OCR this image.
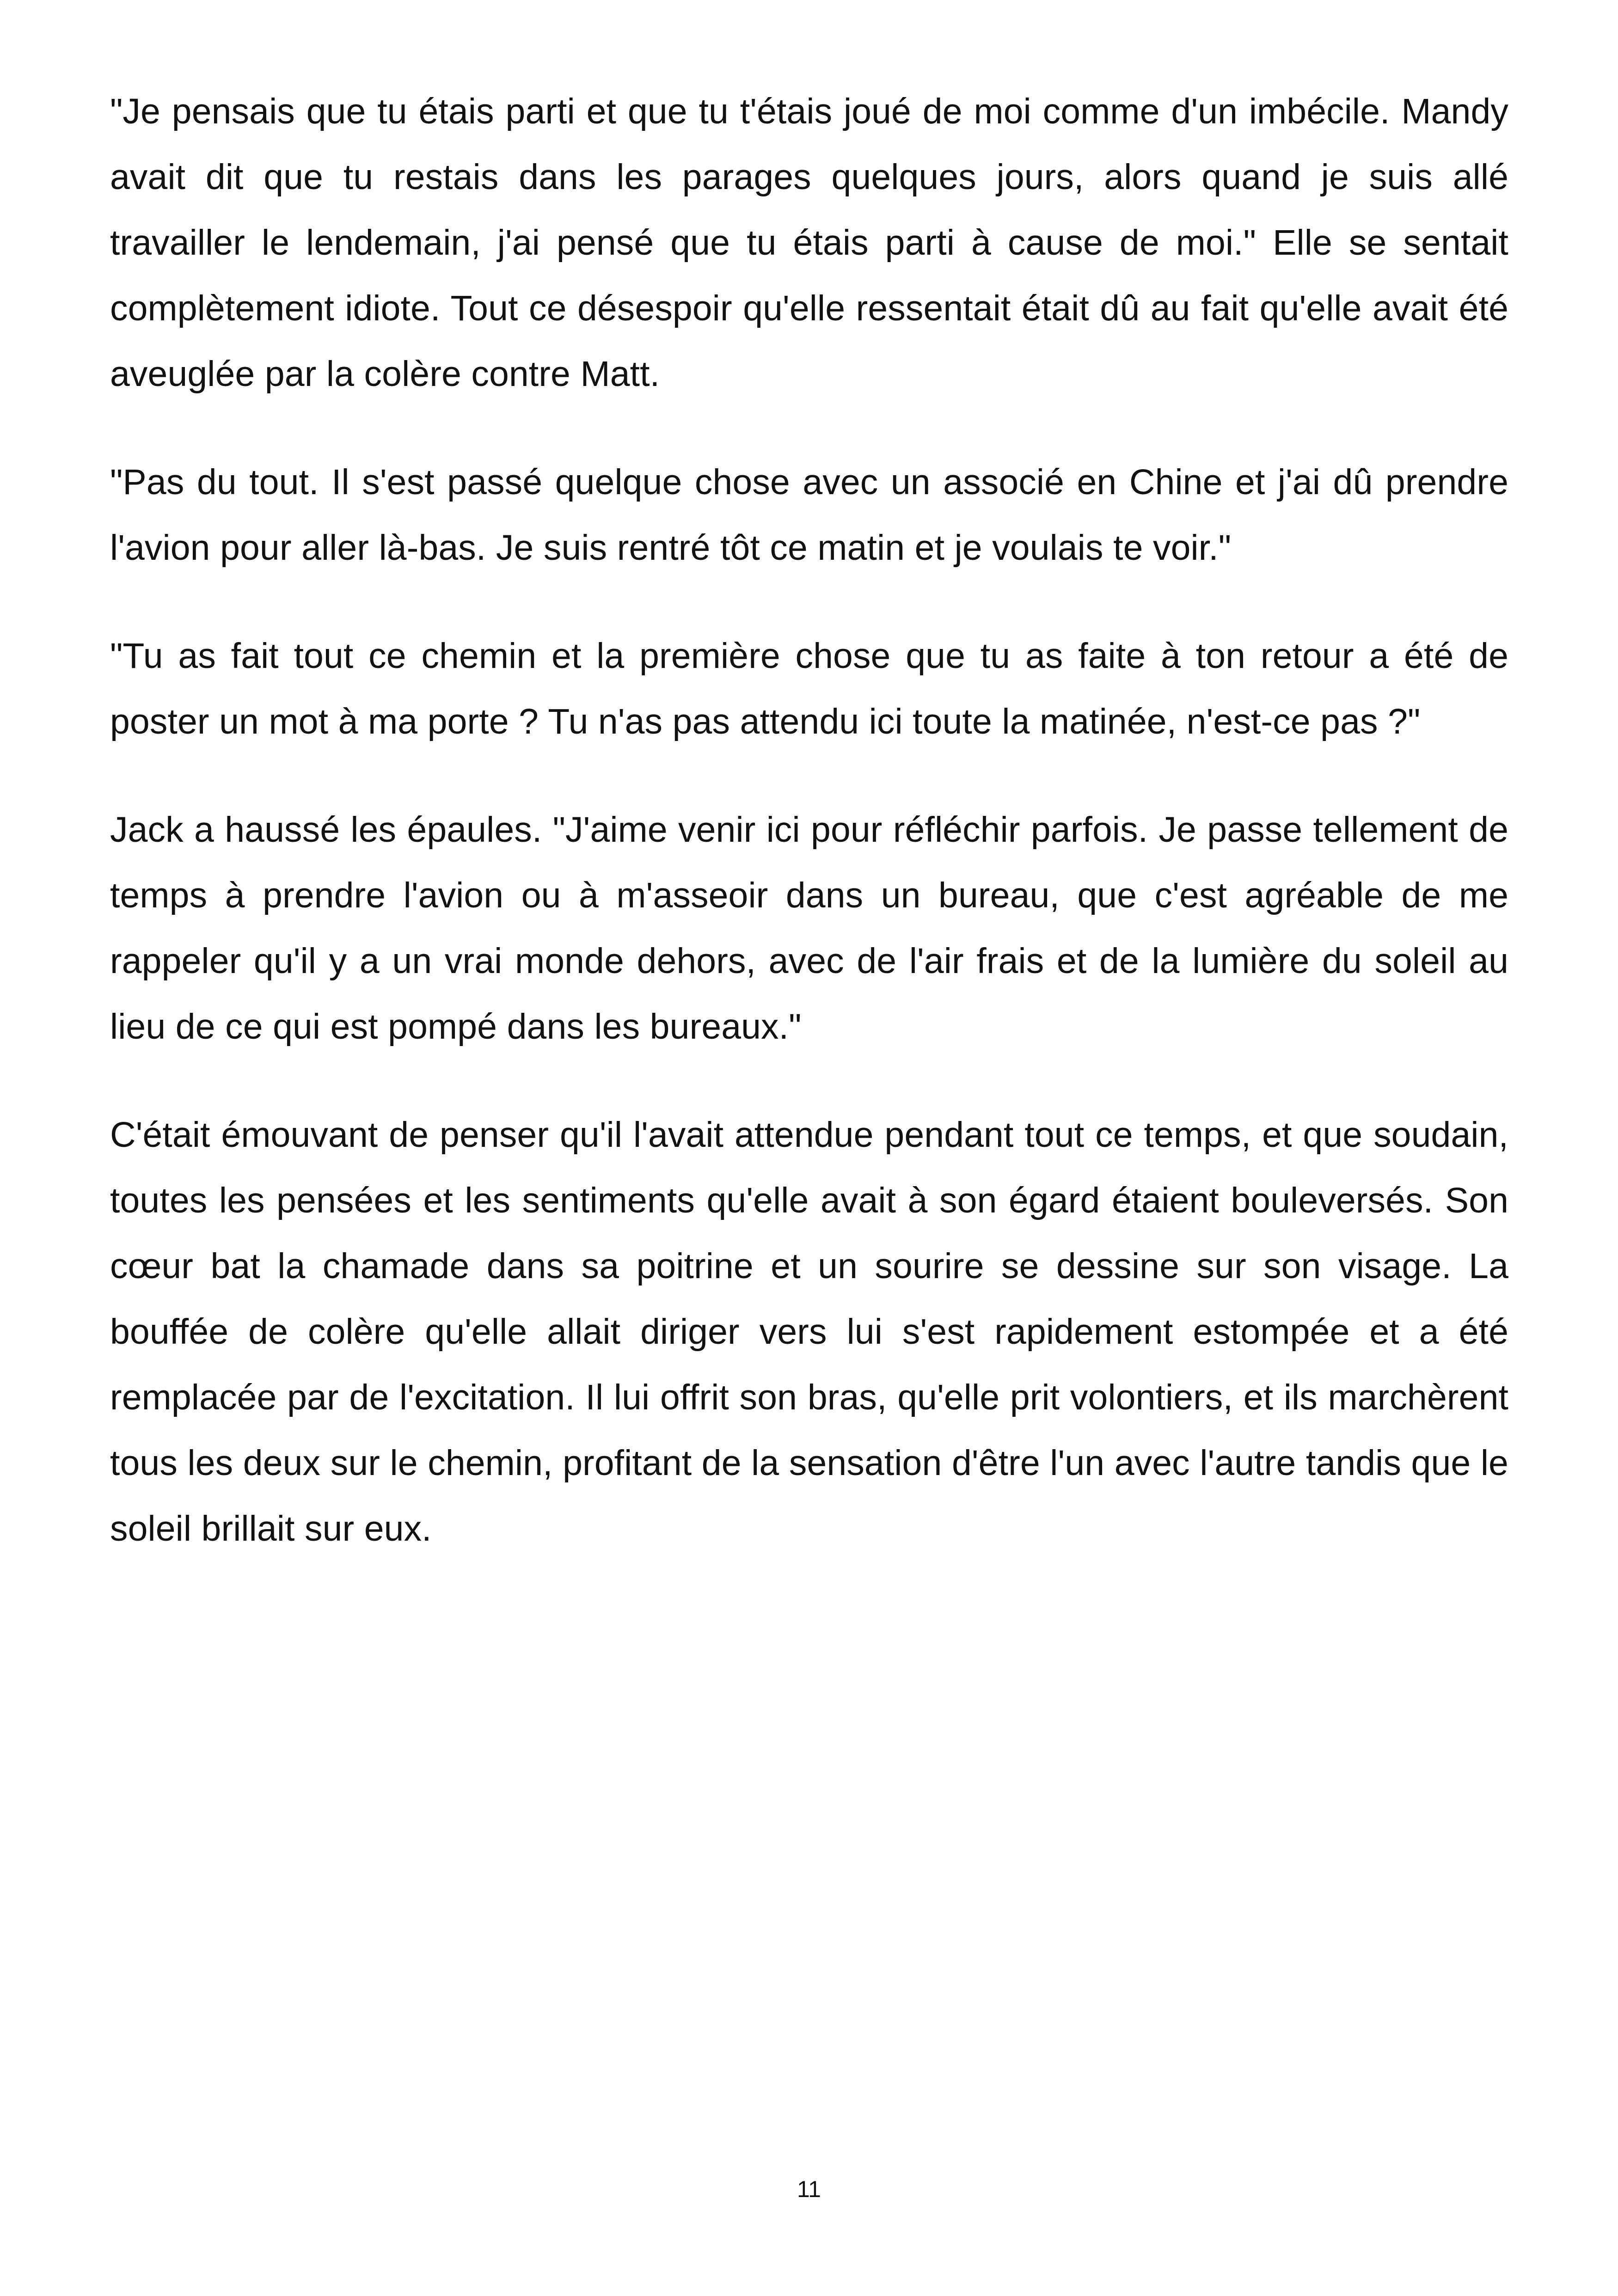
"Je pensais que tu étais parti et que tu t'étais joué de moi comme d'un imbécile. Mandy avait dit que tu restais dans les parages quelques jours, alors quand je suis allé travailler le lendemain, j'ai pensé que tu étais parti à cause de moi." Elle se sentait complètement idiote. Tout ce désespoir qu'elle ressentait était dû au fait qu'elle avait été aveuglée par la colère contre Matt.

"Pas du tout. Il s'est passé quelque chose avec un associé en Chine et j'ai dû prendre l'avion pour aller là-bas. Je suis rentré tôt ce matin et je voulais te voir."

"Tu as fait tout ce chemin et la première chose que tu as faite à ton retour a été de poster un mot à ma porte ? Tu n'as pas attendu ici toute la matinée, n'est-ce pas ?"

Jack a haussé les épaules. "J'aime venir ici pour réfléchir parfois. Je passe tellement de temps à prendre l'avion ou à m'asseoir dans un bureau, que c'est agréable de me rappeler qu'il y a un vrai monde dehors, avec de l'air frais et de la lumière du soleil au lieu de ce qui est pompé dans les bureaux."

C'était émouvant de penser qu'il l'avait attendue pendant tout ce temps, et que soudain, toutes les pensées et les sentiments qu'elle avait à son égard étaient bouleversés. Son cœur bat la chamade dans sa poitrine et un sourire se dessine sur son visage. La bouffée de colère qu'elle allait diriger vers lui s'est rapidement estompée et a été remplacée par de l'excitation. Il lui offrit son bras, qu'elle prit volontiers, et ils marchèrent tous les deux sur le chemin, profitant de la sensation d'être l'un avec l'autre tandis que le soleil brillait sur eux.

11
